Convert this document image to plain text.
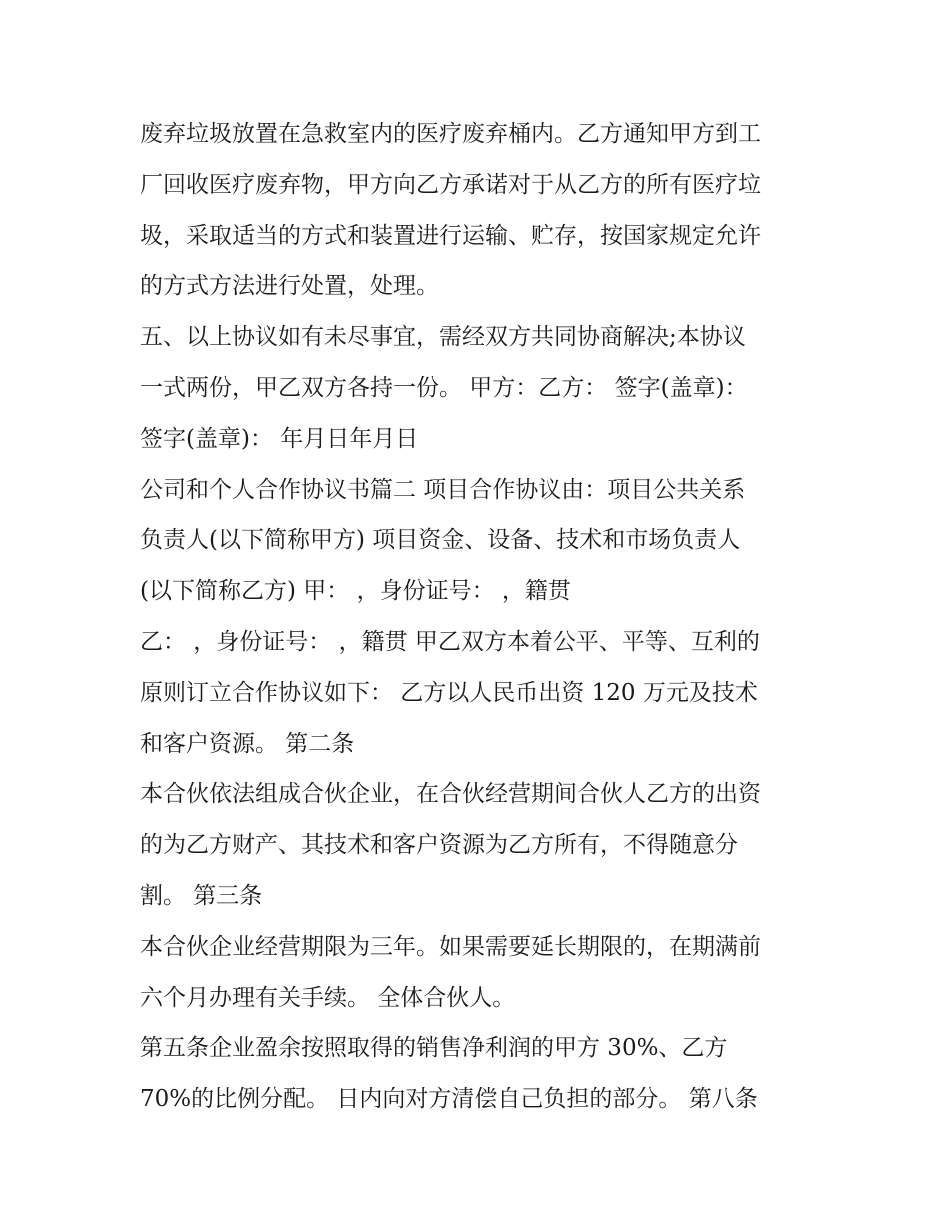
废弃垃圾放置在急救室内的医疗废弃桶内。乙方通知甲方到工
厂回收医疗废弃物，甲方向乙方承诺对于从乙方的所有医疗垃
圾，采取适当的方式和装置进行运输、贮存，按国家规定允许
的方式方法进行处置，处理。
五、以上协议如有未尽事宜，需经双方共同协商解决;本协议
一式两份，甲乙双方各持一份。 甲方：乙方： 签字(盖章)：
签字(盖章)： 年月日年月日
公司和个人合作协议书篇二 项目合作协议由：项目公共关系
负责人(以下简称甲方) 项目资金、设备、技术和市场负责人
(以下简称乙方) 甲： ，身份证号： ，籍贯
乙： ，身份证号： ，籍贯 甲乙双方本着公平、平等、互利的
原则订立合作协议如下： 乙方以人民币出资 120 万元及技术
和客户资源。 第二条
本合伙依法组成合伙企业，在合伙经营期间合伙人乙方的出资
的为乙方财产、其技术和客户资源为乙方所有，不得随意分
割。 第三条
本合伙企业经营期限为三年。如果需要延长期限的，在期满前
六个月办理有关手续。 全体合伙人。
第五条企业盈余按照取得的销售净利润的甲方 30%、乙方
70%的比例分配。 日内向对方清偿自己负担的部分。 第八条
